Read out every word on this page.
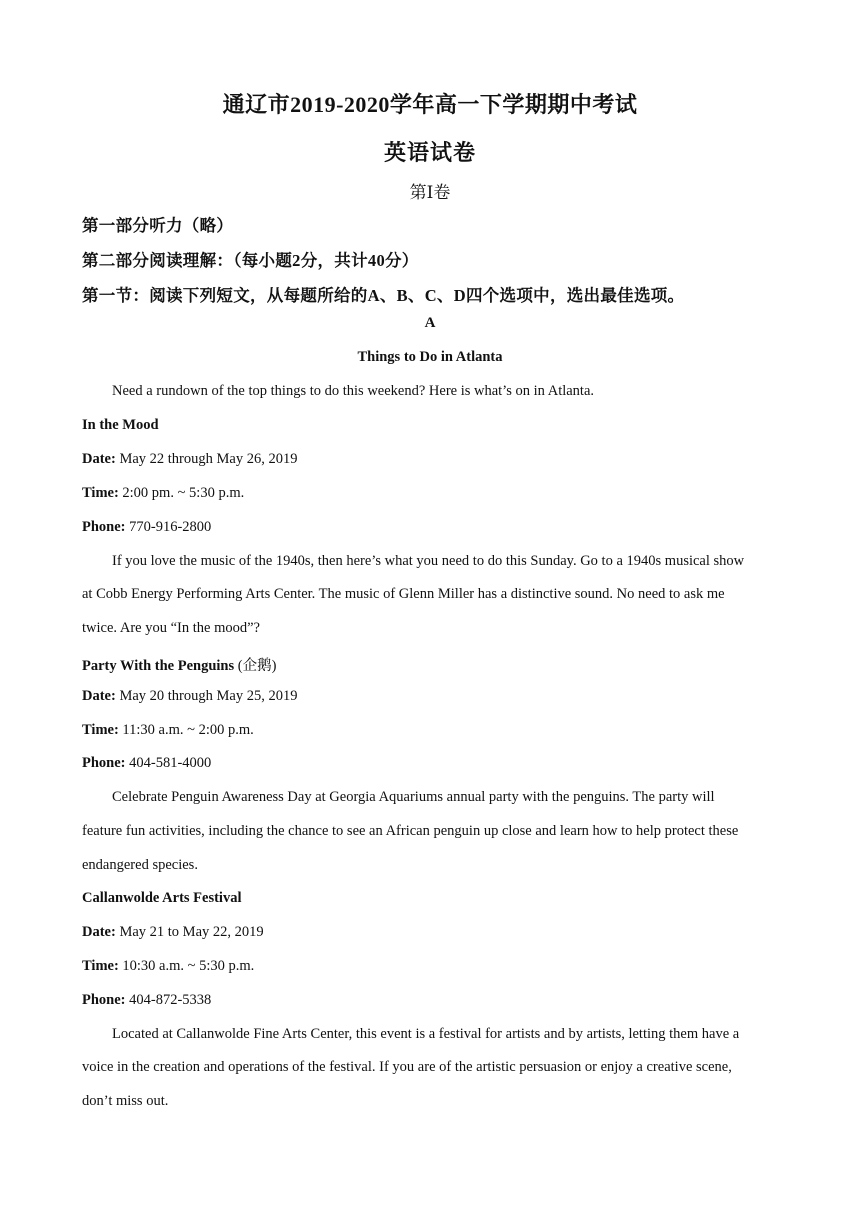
通辽市2019-2020学年高一下学期期中考试
英语试卷
第Ⅰ卷
第一部分听力（略）
第二部分阅读理解：（每小题2分，共计40分）
第一节：阅读下列短文，从每题所给的A、B、C、D四个选项中，选出最佳选项。
A
Things to Do in Atlanta
Need a rundown of the top things to do this weekend? Here is what’s on in Atlanta.
In the Mood
Date: May 22 through May 26, 2019
Time: 2:00 pm. ~ 5:30 p.m.
Phone: 770-916-2800
If you love the music of the 1940s, then here’s what you need to do this Sunday. Go to a 1940s musical show
at Cobb Energy Performing Arts Center. The music of Glenn Miller has a distinctive sound. No need to ask me
twice. Are you “In the mood”?
Party With the Penguins (企鹅)
Date: May 20 through May 25, 2019
Time: 11:30 a.m. ~ 2:00 p.m.
Phone: 404-581-4000
Celebrate Penguin Awareness Day at Georgia Aquariums annual party with the penguins. The party will
feature fun activities, including the chance to see an African penguin up close and learn how to help protect these
endangered species.
Callanwolde Arts Festival
Date: May 21 to May 22, 2019
Time: 10:30 a.m. ~ 5:30 p.m.
Phone: 404-872-5338
Located at Callanwolde Fine Arts Center, this event is a festival for artists and by artists, letting them have a
voice in the creation and operations of the festival. If you are of the artistic persuasion or enjoy a creative scene,
don’t miss out.
